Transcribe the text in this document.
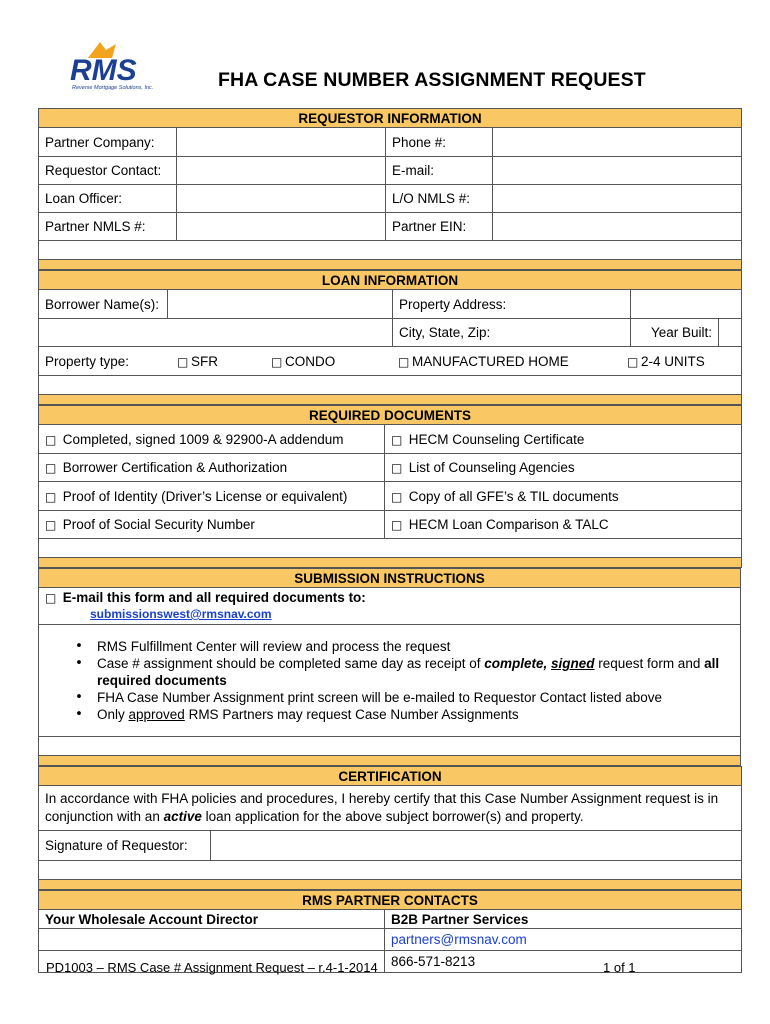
RMS
Reverse Mortgage Solutions, Inc.	FHA CASE NUMBER ASSIGNMENT REQUEST
REQUESTOR INFORMATION			
Partner Company:		Phone #:	
Requestor Contact:		E-mail:	
Loan Officer:		L/O NMLS #:	
Partner NMLS #:		Partner EIN:	

LOAN INFORMATION				
Borrower Name(s):		Property Address:		
		City, State, Zip:	Year Built:	
Property type: □ SFR □ CONDO □ MANUFACTURED HOME □ 2-4 UNITS				

REQUIRED DOCUMENTS	
□ Completed, signed 1009 & 92900-A addendum	□ HECM Counseling Certificate
□ Borrower Certification & Authorization	□ List of Counseling Agencies
□ Proof of Identity (Driver’s License or equivalent)	□ Copy of all GFE’s & TIL documents
□ Proof of Social Security Number	□ HECM Loan Comparison & TALC

SUBMISSION INSTRUCTIONS
□ E-mail this form and all required documents to:
submissionswest@rmsnav.com

• RMS Fulfillment Center will review and process the request
• Case # assignment should be completed same day as receipt of complete, signed request form and all required documents
• FHA Case Number Assignment print screen will be e-mailed to Requestor Contact listed above
• Only approved RMS Partners may request Case Number Assignments

CERTIFICATION
In accordance with FHA policies and procedures, I hereby certify that this Case Number Assignment request is in conjunction with an active loan application for the above subject borrower(s) and property.
Signature of Requestor:	

RMS PARTNER CONTACTS	
Your Wholesale Account Director	B2B Partner Services
	partners@rmsnav.com
	866-571-8213
PD1003 – RMS Case # Assignment Request – r.4-1-2014	1 of 1
